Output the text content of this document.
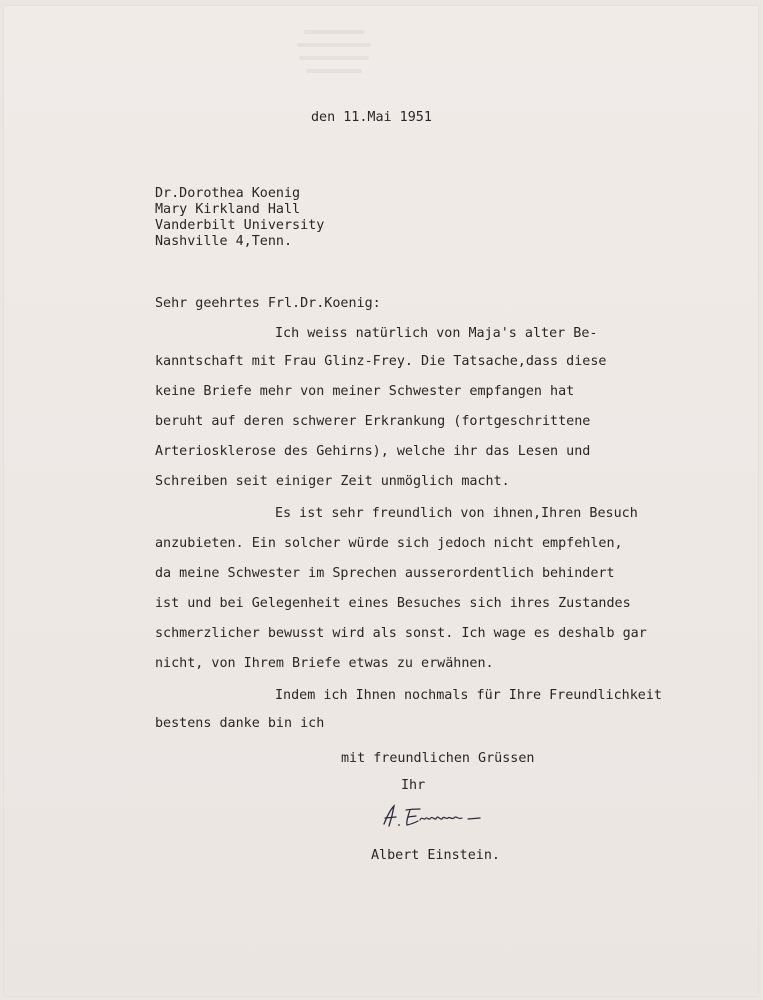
den 11.Mai 1951
Dr.Dorothea Koenig
Mary Kirkland Hall
Vanderbilt University
Nashville 4,Tenn.
Sehr geehrtes Frl.Dr.Koenig:
Ich weiss natürlich von Maja's alter Be-
kanntschaft mit Frau Glinz-Frey. Die Tatsache,dass diese
keine Briefe mehr von meiner Schwester empfangen hat
beruht auf deren schwerer Erkrankung (fortgeschrittene
Arteriosklerose des Gehirns), welche ihr das Lesen und
Schreiben seit einiger Zeit unmöglich macht.
Es ist sehr freundlich von ihnen,Ihren Besuch
anzubieten. Ein solcher würde sich jedoch nicht empfehlen,
da meine Schwester im Sprechen ausserordentlich behindert
ist und bei Gelegenheit eines Besuches sich ihres Zustandes
schmerzlicher bewusst wird als sonst. Ich wage es deshalb gar
nicht, von Ihrem Briefe etwas zu erwähnen.
Indem ich Ihnen nochmals für Ihre Freundlichkeit
bestens danke bin ich
mit freundlichen Grüssen
Ihr
Albert Einstein.
